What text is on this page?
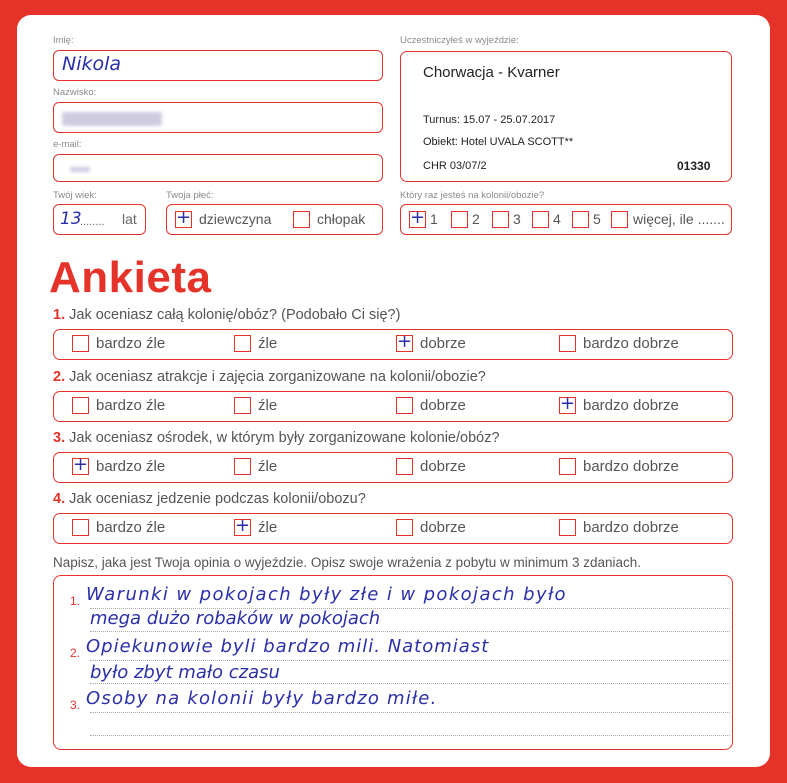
Imię:
Nikola
Nazwisko:
e-mail:
Twój wiek:
13
........ lat
Twoja płeć:
+ dziewczyna	chłopak
Który raz jesteś na kolonii/obozie?
+ 1 2 3 4 5 więcej, ile .......
Uczestniczyłeś w wyjeździe:
Chorwacja - Kvarner
Turnus: 15.07 - 25.07.2017
Obiekt: Hotel UVALA SCOTT**
CHR 03/07/2	01330
Ankieta
1. Jak oceniasz całą kolonię/obóz? (Podobało Ci się?)
bardzo źle	źle	+ dobrze	bardzo dobrze
2. Jak oceniasz atrakcje i zajęcia zorganizowane na kolonii/obozie?
bardzo źle	źle	dobrze	+ bardzo dobrze
3. Jak oceniasz ośrodek, w którym były zorganizowane kolonie/obóz?
+ bardzo źle	źle	dobrze	bardzo dobrze
4. Jak oceniasz jedzenie podczas kolonii/obozu?
bardzo źle	+ źle	dobrze	bardzo dobrze
Napisz, jaka jest Twoja opinia o wyjeździe. Opisz swoje wrażenia z pobytu w minimum 3 zdaniach.
1.
2.
3.
Warunki w pokojach były złe i w pokojach było
mega dużo robaków w pokojach
Opiekunowie byli bardzo mili. Natomiast
było zbyt mało czasu
Osoby na kolonii były bardzo miłe.
